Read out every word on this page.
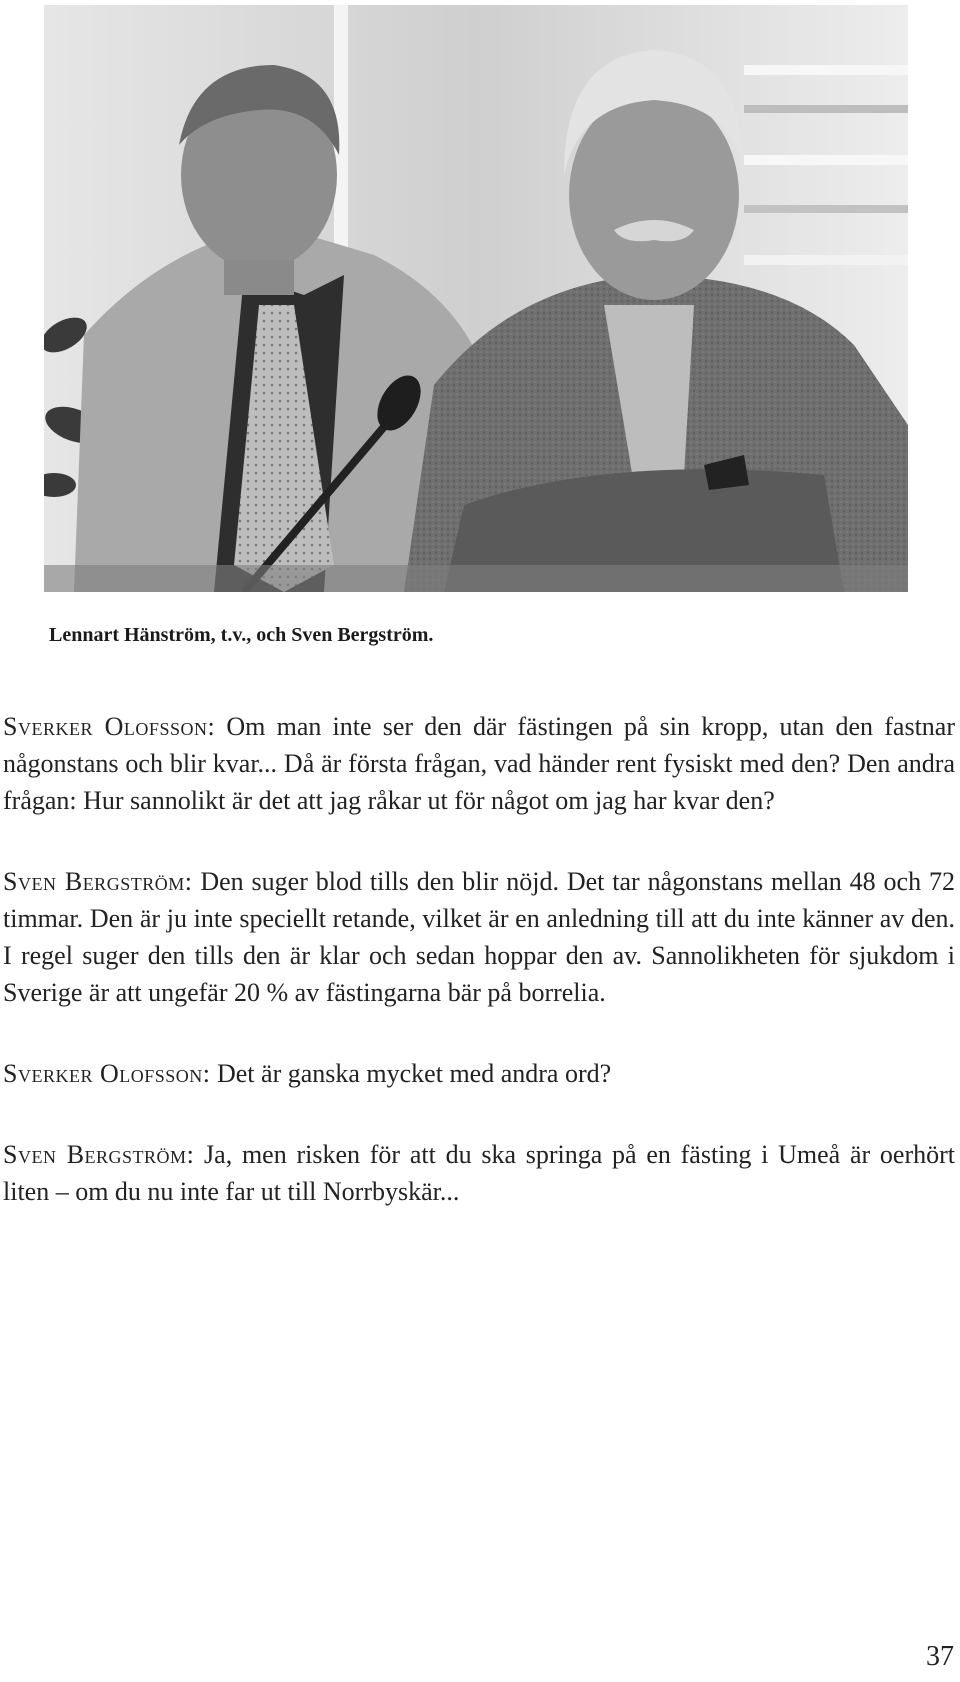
Lennart Hänström, t.v., och Sven Bergström.

Sverker Olofsson: Om man inte ser den där fästingen på sin kropp, utan den fastnar någonstans och blir kvar... Då är första frågan, vad händer rent fysiskt med den? Den andra frågan: Hur sannolikt är det att jag råkar ut för något om jag har kvar den?

Sven Bergström: Den suger blod tills den blir nöjd. Det tar någonstans mellan 48 och 72 timmar. Den är ju inte speciellt retande, vilket är en anledning till att du inte känner av den. I regel suger den tills den är klar och sedan hoppar den av. Sannolikheten för sjukdom i Sverige är att ungefär 20 % av fästingarna bär på borrelia.

Sverker Olofsson: Det är ganska mycket med andra ord?

Sven Bergström: Ja, men risken för att du ska springa på en fästing i Umeå är oerhört liten – om du nu inte far ut till Norrbyskär...

37
